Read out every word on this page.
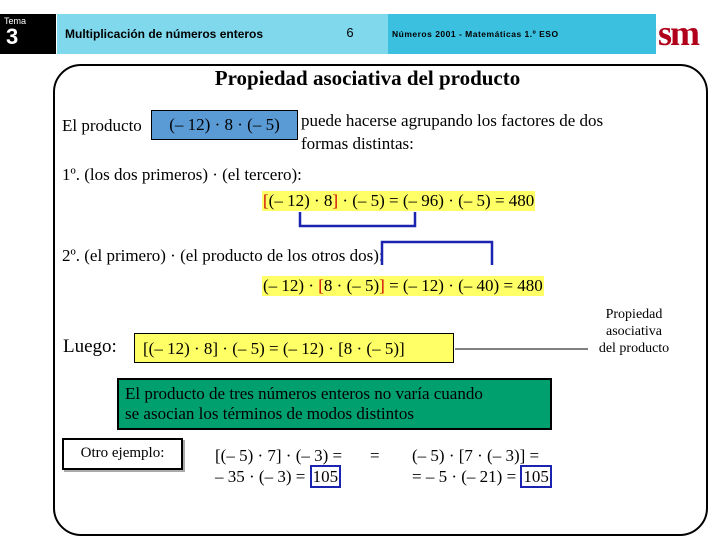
Tema
3	Multiplicación de números enteros	6	Números 2001 - Matemáticas 1.º ESO	sm
Propiedad asociativa del producto
El producto	(– 12) · 8 · (– 5)	puede hacerse agrupando los factores de dos
formas distintas:
1º. (los dos primeros) · (el tercero):
[(– 12) · 8] · (– 5) = (– 96) · (– 5) = 480
2º. (el primero) · (el producto de los otros dos):
(– 12) · [8 · (– 5)] = (– 12) · (– 40) = 480
Luego:	[(– 12) · 8] · (– 5) = (– 12) · [8 · (– 5)]
Propiedad
asociativa
del producto
El producto de tres números enteros no varía cuando
se asocian los términos de modos distintos
Otro ejemplo:	[(– 5) · 7] · (– 3) =
– 35 · (– 3) = 105
= (– 5) · [7 · (– 3)] =
= – 5 · (– 21) = 105
